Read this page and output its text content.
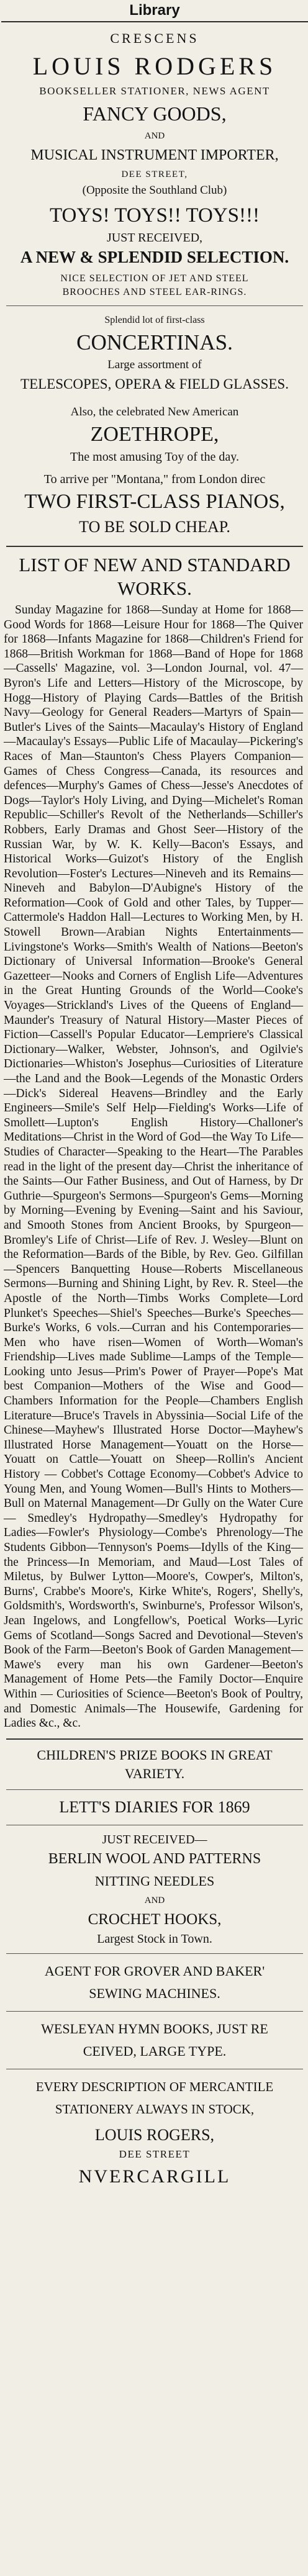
Library
CRESCENS
LOUIS RODGERS
BOOKSELLER STATIONER, NEWS AGENT
FANCY GOODS,
AND
MUSICAL INSTRUMENT IMPORTER,
DEE STREET,
(Opposite the Southland Club)
TOYS! TOYS!! TOYS!!!
JUST RECEIVED,
A NEW & SPLENDID SELECTION.
NICE SELECTION OF JET AND STEEL
BROOCHES AND STEEL EAR-RINGS.
Splendid lot of first-class
CONCERTINAS.
Large assortment of
TELESCOPES, OPERA & FIELD GLASSES.
Also, the celebrated New American
ZOETHROPE,
The most amusing Toy of the day.
To arrive per "Montana," from London direc
TWO FIRST-CLASS PIANOS,
TO BE SOLD CHEAP.
LIST OF NEW AND STANDARD
WORKS.
Sunday Magazine for 1868—Sunday at Home for 1868—Good Words for 1868—Leisure Hour for 1868—The Quiver for 1868—Infants Magazine for 1868—Children's Friend for 1868—British Workman for 1868—Band of Hope for 1868—Cassells' Magazine, vol. 3—London Journal, vol. 47—Byron's Life and Letters—History of the Microscope, by Hogg—History of Playing Cards—Battles of the British Navy—Geology for General Readers—Martyrs of Spain—Butler's Lives of the Saints—Macaulay's History of England—Macaulay's Essays—Public Life of Macaulay—Pickering's Races of Man—Staunton's Chess Players Companion—Games of Chess Congress—Canada, its resources and defences—Murphy's Games of Chess—Jesse's Anecdotes of Dogs—Taylor's Holy Living, and Dying—Michelet's Roman Republic—Schiller's Revolt of the Netherlands—Schiller's Robbers, Early Dramas and Ghost Seer—History of the Russian War, by W. K. Kelly—Bacon's Essays, and Historical Works—Guizot's History of the English Revolution—Foster's Lectures—Nineveh and its Remains—Nineveh and Babylon—D'Aubigne's History of the Reformation—Cook of Gold and other Tales, by Tupper—Cattermole's Haddon Hall—Lectures to Working Men, by H. Stowell Brown—Arabian Nights Entertainments—Livingstone's Works—Smith's Wealth of Nations—Beeton's Dictionary of Universal Information—Brooke's General Gazetteer—Nooks and Corners of English Life—Adventures in the Great Hunting Grounds of the World—Cooke's Voyages—Strickland's Lives of the Queens of England—Maunder's Treasury of Natural History—Master Pieces of Fiction—Cassell's Popular Educator—Lempriere's Classical Dictionary—Walker, Webster, Johnson's, and Ogilvie's Dictionaries—Whiston's Josephus—Curiosities of Literature—the Land and the Book—Legends of the Monastic Orders—Dick's Sidereal Heavens—Brindley and the Early Engineers—Smile's Self Help—Fielding's Works—Life of Smollett—Lupton's English History—Challoner's Meditations—Christ in the Word of God—the Way To Life—Studies of Character—Speaking to the Heart—The Parables read in the light of the present day—Christ the inheritance of the Saints—Our Father Business, and Out of Harness, by Dr Guthrie—Spurgeon's Sermons—Spurgeon's Gems—Morning by Morning—Evening by Evening—Saint and his Saviour, and Smooth Stones from Ancient Brooks, by Spurgeon—Bromley's Life of Christ—Life of Rev. J. Wesley—Blunt on the Reformation—Bards of the Bible, by Rev. Geo. Gilfillan—Spencers Banquetting House—Roberts Miscellaneous Sermons—Burning and Shining Light, by Rev. R. Steel—the Apostle of the North—Timbs Works Complete—Lord Plunket's Speeches—Shiel's Speeches—Burke's Speeches—Burke's Works, 6 vols.—Curran and his Contemporaries—Men who have risen—Women of Worth—Woman's Friendship—Lives made Sublime—Lamps of the Temple—Looking unto Jesus—Prim's Power of Prayer—Pope's Mat best Companion—Mothers of the Wise and Good—Chambers Information for the People—Chambers English Literature—Bruce's Travels in Abyssinia—Social Life of the Chinese—Mayhew's Illustrated Horse Doctor—Mayhew's Illustrated Horse Management—Youatt on the Horse—Youatt on Cattle—Youatt on Sheep—Rollin's Ancient History — Cobbet's Cottage Economy—Cobbet's Advice to Young Men, and Young Women—Bull's Hints to Mothers—Bull on Maternal Management—Dr Gully on the Water Cure — Smedley's Hydropathy—Smedley's Hydropathy for Ladies—Fowler's Physiology—Combe's Phrenology—The Students Gibbon—Tennyson's Poems—Idylls of the King—the Princess—In Memoriam, and Maud—Lost Tales of Miletus, by Bulwer Lytton—Moore's, Cowper's, Milton's, Burns', Crabbe's Moore's, Kirke White's, Rogers', Shelly's, Goldsmith's, Wordsworth's, Swinburne's, Professor Wilson's, Jean Ingelows, and Longfellow's, Poetical Works—Lyric Gems of Scotland—Songs Sacred and Devotional—Steven's Book of the Farm—Beeton's Book of Garden Management—Mawe's every man his own Gardener—Beeton's Management of Home Pets—the Family Doctor—Enquire Within — Curiosities of Science—Beeton's Book of Poultry, and Domestic Animals—The Housewife, Gardening for Ladies &c., &c.
CHILDREN'S PRIZE BOOKS IN GREAT
VARIETY.
LETT'S DIARIES FOR 1869
JUST RECEIVED—
BERLIN WOOL AND PATTERNS
NITTING NEEDLES
AND
CROCHET HOOKS,
Largest Stock in Town.
AGENT FOR GROVER AND BAKER'
SEWING MACHINES.
WESLEYAN HYMN BOOKS, JUST RE
CEIVED, LARGE TYPE.
EVERY DESCRIPTION OF MERCANTILE
STATIONERY ALWAYS IN STOCK,
LOUIS ROGERS,
DEE STREET
NVERCARGILL
